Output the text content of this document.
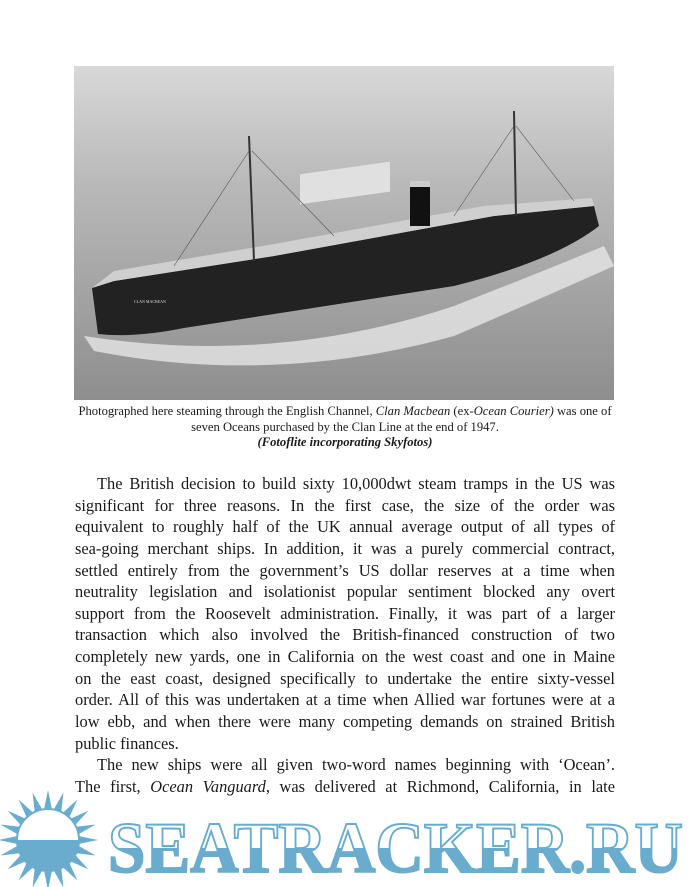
CLAN MACBEAN
Photographed here steaming through the English Channel, Clan Macbean (ex-Ocean Courier) was one of seven Oceans purchased by the Clan Line at the end of 1947.
(Fotoflite incorporating Skyfotos)
The British decision to build sixty 10,000dwt steam tramps in the US was
significant for three reasons. In the first case, the size of the order was
equivalent to roughly half of the UK annual average output of all types of
sea-going merchant ships. In addition, it was a purely commercial contract,
settled entirely from the government’s US dollar reserves at a time when
neutrality legislation and isolationist popular sentiment blocked any overt
support from the Roosevelt administration. Finally, it was part of a larger
transaction which also involved the British-financed construction of two
completely new yards, one in California on the west coast and one in Maine
on the east coast, designed specifically to undertake the entire sixty-vessel
order. All of this was undertaken at a time when Allied war fortunes were at a
low ebb, and when there were many competing demands on strained British
public finances.
The new ships were all given two-word names beginning with ‘Ocean’.
The first, Ocean Vanguard, was delivered at Richmond, California, in late
SEATRACKER.RU
